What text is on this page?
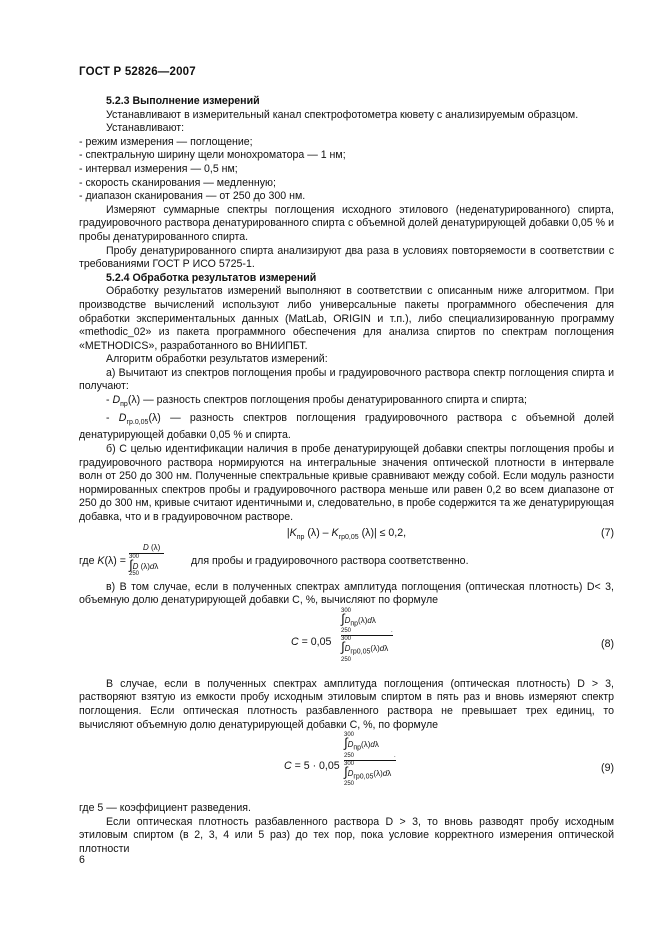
ГОСТ Р 52826—2007

5.2.3 Выполнение измерений

Устанавливают в измерительный канал спектрофотометра кювету с анализируемым образцом.

Устанавливают:

- режим измерения — поглощение;

- спектральную ширину щели монохроматора — 1 нм;

- интервал измерения — 0,5 нм;

- скорость сканирования — медленную;

- диапазон сканирования — от 250 до 300 нм.

Измеряют суммарные спектры поглощения исходного этилового (неденатурированного) спирта, градуировочного раствора денатурированного спирта с объемной долей денатурирующей добавки 0,05 % и пробы денатурированного спирта.

Пробу денатурированного спирта анализируют два раза в условиях повторяемости в соответствии с требованиями ГОСТ Р ИСО 5725-1.

5.2.4 Обработка результатов измерений

Обработку результатов измерений выполняют в соответствии с описанным ниже алгоритмом. При производстве вычислений используют либо универсальные пакеты программного обеспечения для обработки экспериментальных данных (MatLab, ORIGIN и т.п.), либо специализированную программу «methodic_02» из пакета программного обеспечения для анализа спиртов по спектрам поглощения «METHODICS», разработанного во ВНИИПБТ.

Алгоритм обработки результатов измерений:

а) Вычитают из спектров поглощения пробы и градуировочного раствора спектр поглощения спирта и получают:

- $D_{пр}(\lambda)$ — разность спектров поглощения пробы денатурированного спирта и спирта;

- $D_{гр.0,05}(\lambda)$ — разность спектров поглощения градуировочного раствора с объемной долей денатурирующей добавки 0,05 % и спирта.

б) С целью идентификации наличия в пробе денатурирующей добавки спектры поглощения пробы и градуировочного раствора нормируются на интегральные значения оптической плотности в интервале волн от 250 до 300 нм. Полученные спектральные кривые сравнивают между собой. Если модуль разности нормированных спектров пробы и градуировочного раствора меньше или равен 0,2 во всем диапазоне от 250 до 300 нм, кривые считают идентичными и, следовательно, в пробе содержится та же денатурирующая добавка, что и в градуировочном растворе.

$|K_{пр}$ $(\lambda) - K_{гр0,05}$ (λ)| ≤ 0,2,	(7)
где K(λ) =
D (λ)
300
∫D (λ)dλ
250
для пробы и градуировочного раствора соответственно.

в) В том случае, если в полученных спектрах амплитуда поглощения (оптическая плотность) D< 3, объемную долю денатурирующей добавки C, %, вычисляют по формуле

C = 0,05
300
$\int D_{пр}(\lambda)d\lambda$
250                        .
300
$\int D_{гр0,05}(\lambda)d\lambda$
250
(8)

В случае, если в полученных спектрах амплитуда поглощения (оптическая плотность) D > 3, растворяют взятую из емкости пробу исходным этиловым спиртом в пять раз и вновь измеряют спектр поглощения. Если оптическая плотность разбавленного раствора не превышает трех единиц, то вычисляют объемную долю денатурирующей добавки C, %, по формуле

C = 5 · 0,05
300
$\int D_{пр}(\lambda)d\lambda$
250                        .
300
$\int D_{гр0,05}(\lambda)d\lambda$
250
(9)

где 5 — коэффициент разведения.

Если оптическая плотность разбавленного раствора D > 3, то вновь разводят пробу исходным этиловым спиртом (в 2, 3, 4 или 5 раз) до тех пор, пока условие корректного измерения оптической плотности

6
